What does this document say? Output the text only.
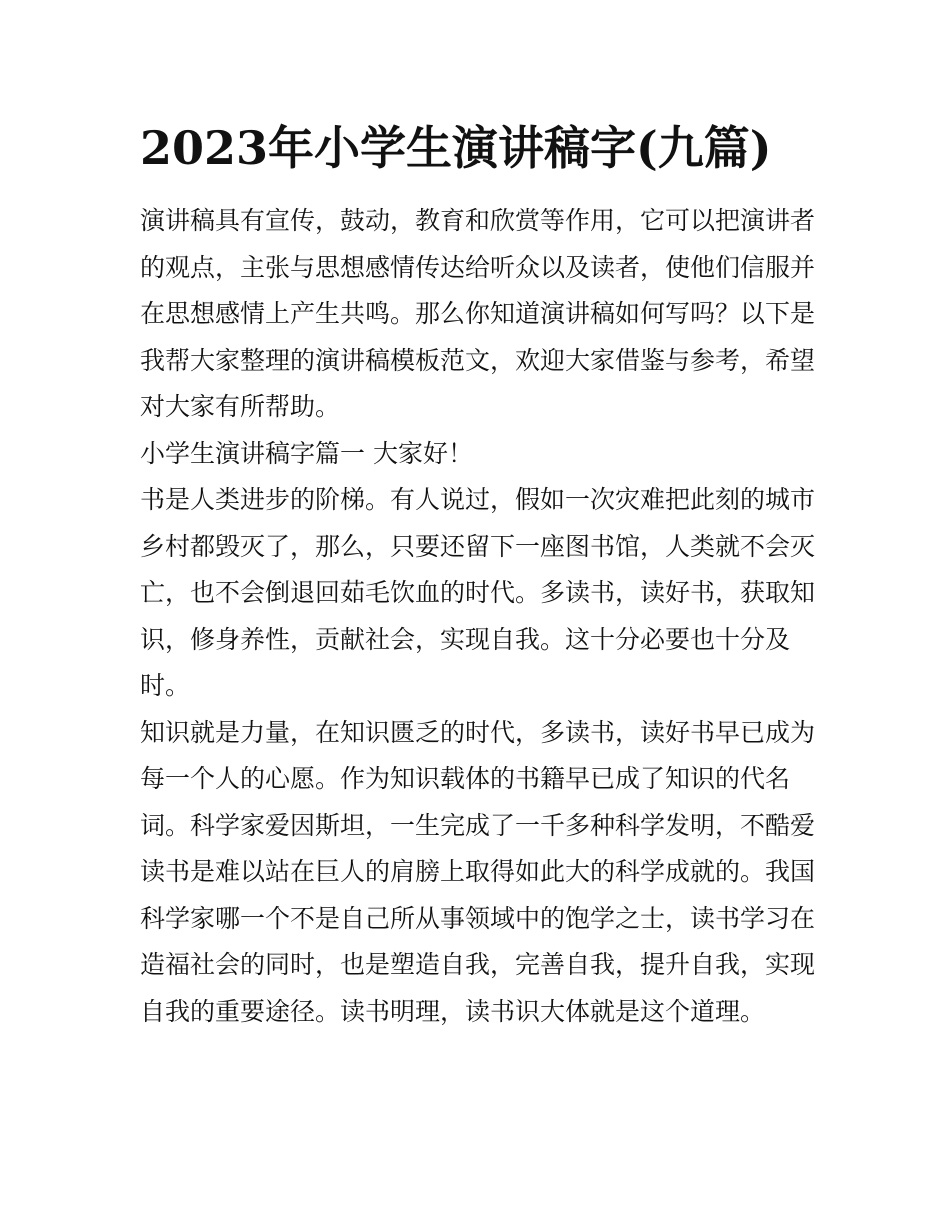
2023年小学生演讲稿字(九篇)
演讲稿具有宣传，鼓动，教育和欣赏等作用，它可以把演讲者
的观点，主张与思想感情传达给听众以及读者，使他们信服并
在思想感情上产生共鸣。那么你知道演讲稿如何写吗？以下是
我帮大家整理的演讲稿模板范文，欢迎大家借鉴与参考，希望
对大家有所帮助。
小学生演讲稿字篇一 大家好！
书是人类进步的阶梯。有人说过，假如一次灾难把此刻的城市
乡村都毁灭了，那么，只要还留下一座图书馆，人类就不会灭
亡，也不会倒退回茹毛饮血的时代。多读书，读好书，获取知
识，修身养性，贡献社会，实现自我。这十分必要也十分及
时。
知识就是力量，在知识匮乏的时代，多读书，读好书早已成为
每一个人的心愿。作为知识载体的书籍早已成了知识的代名
词。科学家爱因斯坦，一生完成了一千多种科学发明，不酷爱
读书是难以站在巨人的肩膀上取得如此大的科学成就的。我国
科学家哪一个不是自己所从事领域中的饱学之士，读书学习在
造福社会的同时，也是塑造自我，完善自我，提升自我，实现
自我的重要途径。读书明理，读书识大体就是这个道理。
